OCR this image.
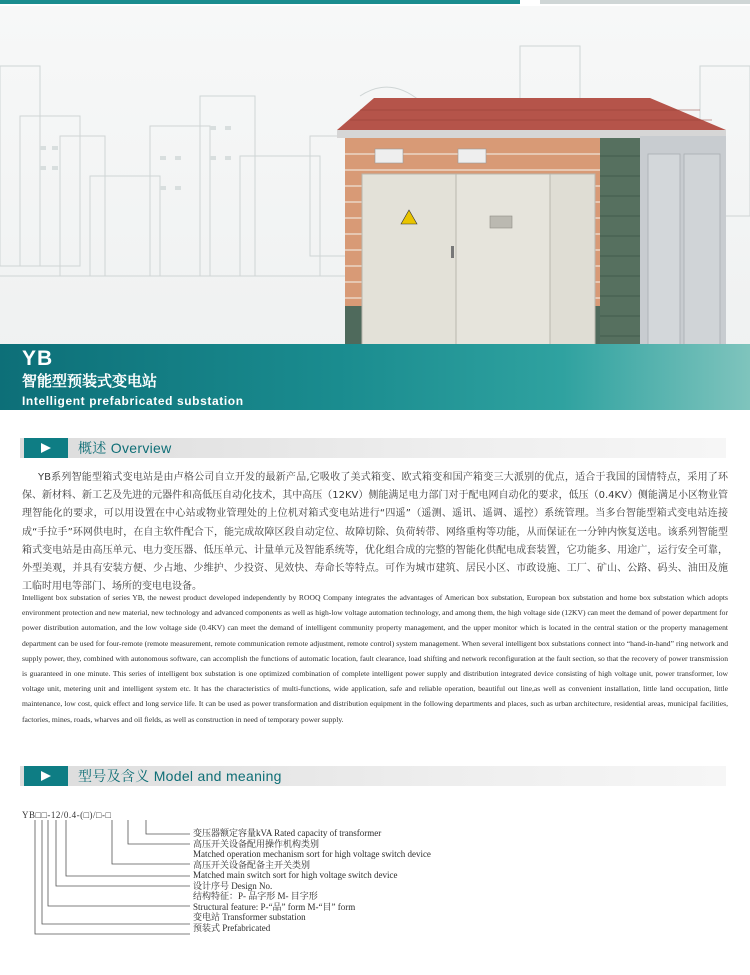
YB
智能型预装式变电站
Intelligent prefabricated substation
概述 Overview
YB系列智能型箱式变电站是由卢格公司自立开发的最新产品,它吸收了美式箱变、欧式箱变和国产箱变三大派别的优点，适合于我国的国情特点，采用了环保、新材料、新工艺及先进的元器件和高低压自动化技术，其中高压（12KV）侧能满足电力部门对于配电网自动化的要求，低压（0.4KV）侧能满足小区物业管理智能化的要求，可以用设置在中心站或物业管理处的上位机对箱式变电站进行“四遥”（遥测、遥讯、遥调、遥控）系统管理。当多台智能型箱式变电站连接成“手拉手”环网供电时，在自主软件配合下，能完成故障区段自动定位、故障切除、负荷转带、网络重构等功能，从而保证在一分钟内恢复送电。该系列智能型箱式变电站是由高压单元、电力变压器、低压单元、计量单元及智能系统等，优化组合成的完整的智能化供配电成套装置，它功能多、用途广，运行安全可靠，外型美观，并具有安装方便、少占地、少维护、少投资、见效快、寿命长等特点。可作为城市建筑、居民小区、市政设施、工厂、矿山、公路、码头、油田及施工临时用电等部门、场所的变电电设备。
Intelligent box substation of series YB, the newest product developed independently by ROOQ Company integrates the advantages of American box substation, European box substation and home box substation which adopts environment protection and new material, new technology and advanced components as well as high-low voltage automation technology, and among them, the high voltage side (12KV) can meet the demand of power department for power distribution automation, and the low voltage side (0.4KV) can meet the demand of intelligent community property management, and the upper monitor which is located in the central station or the property management department can be used for four-remote (remote measurement, remote communication remote adjustment, remote control) system management. When several intelligent box substations connect into “hand-in-hand” ring network and supply power, they, combined with autonomous software, can accomplish the functions of automatic location, fault clearance, load shifting and network reconfiguration at the fault section, so that the recovery of power transmission is guaranteed in one minute. This series of intelligent box substation is one optimized combination of complete intelligent power supply and distribution integrated device consisting of high voltage unit, power transformer, low voltage unit, metering unit and intelligent system etc. It has the characteristics of multi-functions, wide application, safe and reliable operation, beautiful out line,as well as convenient installation, little land occupation, little maintenance, low cost, quick effect and long service life. It can be used as power transformation and distribution equipment in the following departments and places, such as urban architecture, residential areas, municipal facilities, factories, mines, roads, wharves and oil fields, as well as construction in need of temporary power supply.
型号及含义 Model and meaning
YB□□-12/0.4-(□)/□-□
变压器额定容量kVA Rated capacity of transformer
高压开关设备配用操作机构类别
Matched operation mechanism sort for high voltage switch device
高压开关设备配备主开关类别
Matched main switch sort for high voltage switch device
设计序号 Design No.
结构特征：P- 品字形 M- 目字形
Structural feature: P-“品” form M-“目” form
变电站 Transformer substation
预装式 Prefabricated
